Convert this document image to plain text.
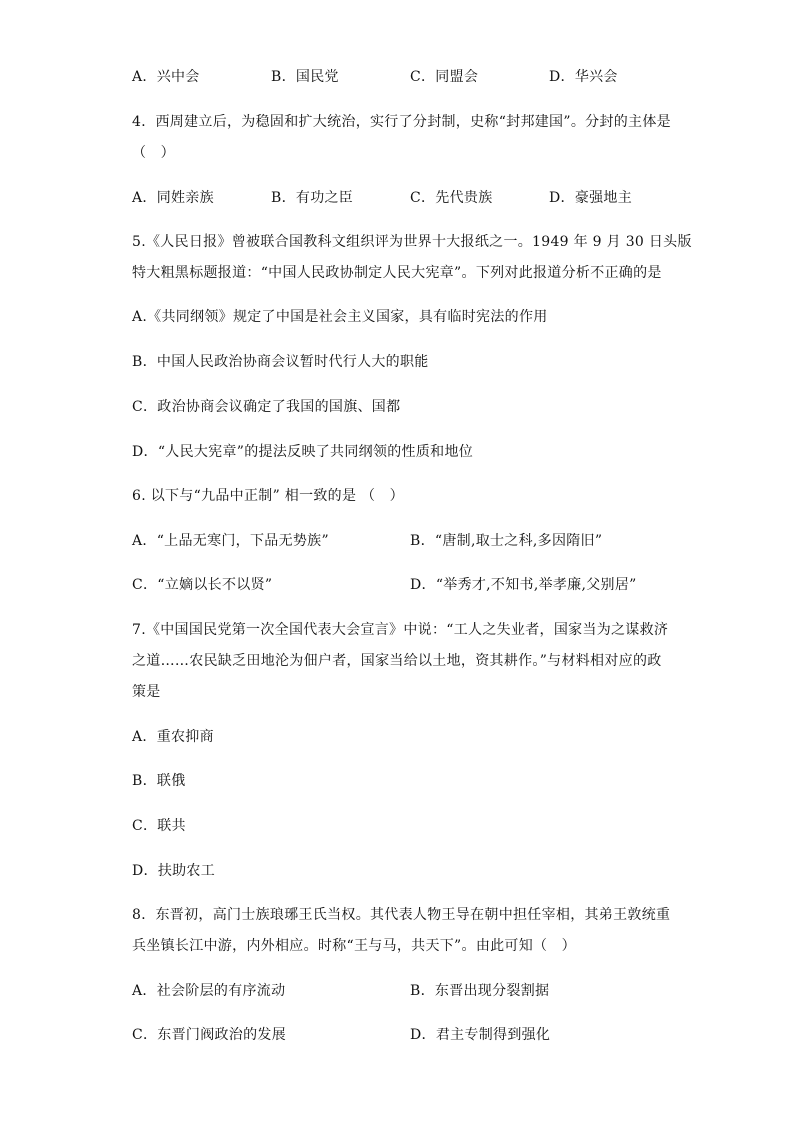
A．兴中会	B．国民党	C．同盟会	D．华兴会
4．西周建立后，为稳固和扩大统治，实行了分封制，史称“封邦建国”。分封的主体是
（　）
A．同姓亲族	B．有功之臣	C．先代贵族	D．豪强地主
5.《人民日报》曾被联合国教科文组织评为世界十大报纸之一。1949 年 9 月 30 日头版
特大粗黑标题报道：“中国人民政协制定人民大宪章”。下列对此报道分析不正确的是
A.《共同纲领》规定了中国是社会主义国家，具有临时宪法的作用
B．中国人民政治协商会议暂时代行人大的职能
C．政治协商会议确定了我国的国旗、国都
D．“人民大宪章”的提法反映了共同纲领的性质和地位
6. 以下与“九品中正制” 相一致的是 （　）
A．“上品无寒门，下品无势族”	B．“唐制,取士之科,多因隋旧”
C．“立嫡以长不以贤”	D．“举秀才,不知书,举孝廉,父别居”
7.《中国国民党第一次全国代表大会宣言》中说：“工人之失业者，国家当为之谋救济
之道……农民缺乏田地沦为佃户者，国家当给以土地，资其耕作。”与材料相对应的政
策是
A．重农抑商
B．联俄
C．联共
D．扶助农工
8．东晋初，高门士族琅琊王氏当权。其代表人物王导在朝中担任宰相，其弟王敦统重
兵坐镇长江中游，内外相应。时称“王与马，共天下”。由此可知（　）
A．社会阶层的有序流动	B．东晋出现分裂割据
C．东晋门阀政治的发展	D．君主专制得到强化
